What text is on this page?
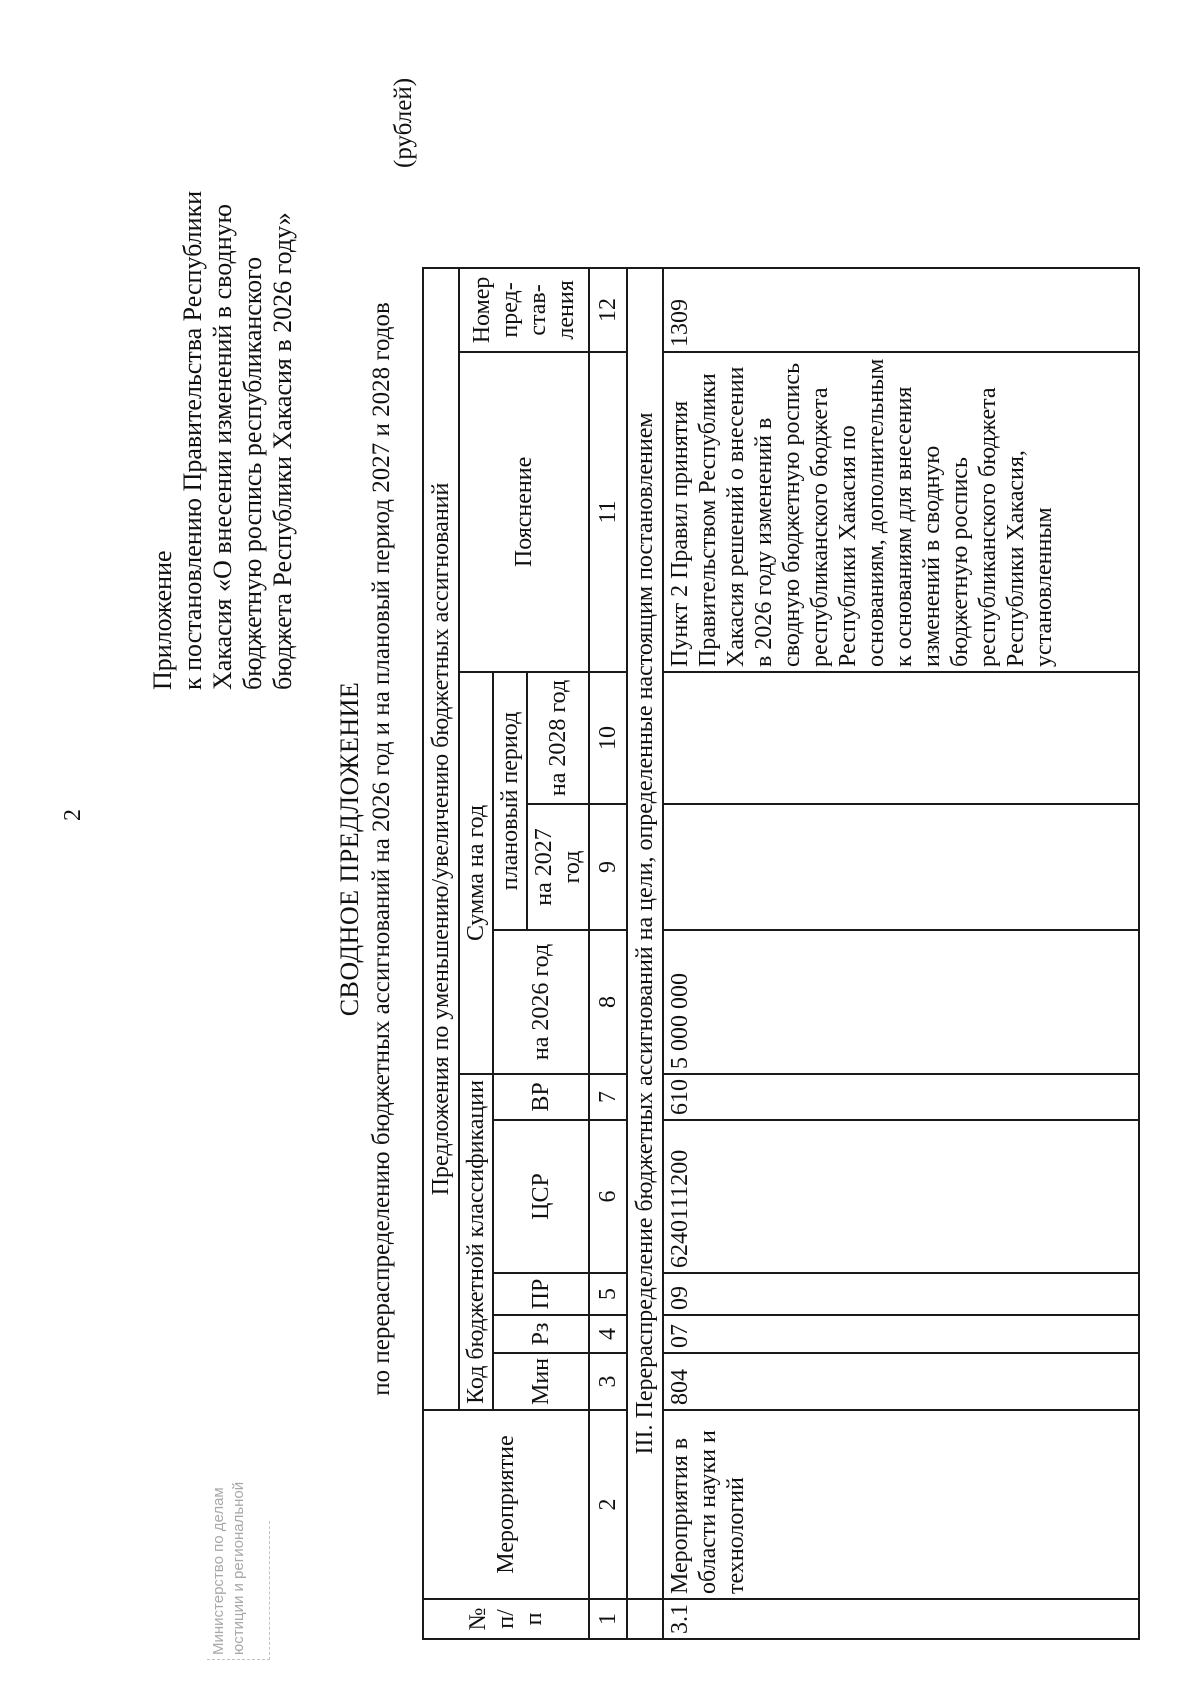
2
Приложение к постановлению Правительства Республики Хакасия «О внесении изменений в сводную бюджетную роспись республиканского бюджета Республики Хакасия в 2026 году»
СВОДНОЕ ПРЕДЛОЖЕНИЕ по перераспределению бюджетных ассигнований на 2026 год и на плановый период 2027 и 2028 годов
(рублей)
№ п/п	Мероприятие	Предложения по уменьшению/увеличению бюджетных ассигнований									
		Код бюджетной классификации					Сумма на год			Пояснение	Номер пред-став-ления
		Мин	Рз	ПР	ЦСР	ВР	на 2026 год	плановый период			
								на 2027 год	на 2028 год		
1	2	3	4	5	6	7	8	9	10	11	12
	III. Перераспределение бюджетных ассигнований на цели, определенные настоящим постановлением										
3.1	Мероприятия в области науки и технологий	804	07	09	6240111200	610	5 000 000			Пункт 2 Правил принятия Правительством Республики Хакасия решений о внесении в 2026 году изменений в сводную бюджетную роспись республиканского бюджета Республики Хакасия по основаниям, дополнительным к основаниям для внесения изменений в сводную бюджетную роспись республиканского бюджета Республики Хакасия, установленным	1309
Министерство по делам юстиции и региональной
